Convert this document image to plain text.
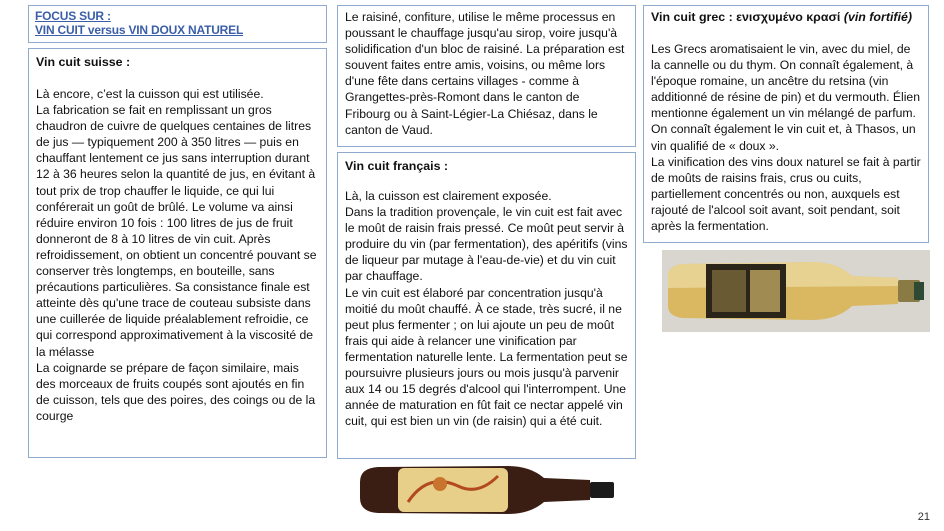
FOCUS SUR :
VIN CUIT versus VIN DOUX NATUREL
Vin cuit suisse :
Là encore, c’est la cuisson qui est utilisée.
La fabrication se fait en remplissant un gros chaudron de cuivre de quelques centaines de litres de jus — typiquement 200 à 350 litres — puis en chauffant lentement ce jus sans interruption durant 12 à 36 heures selon la quantité de jus, en évitant à tout prix de trop chauffer le liquide, ce qui lui conférerait un goût de brûlé. Le volume va ainsi réduire environ 10 fois : 100 litres de jus de fruit donneront de 8 à 10 litres de vin cuit. Après refroidissement, on obtient un concentré pouvant se conserver très longtemps, en bouteille, sans précautions particulières. Sa consistance finale est atteinte dès qu'une trace de couteau subsiste dans une cuillerée de liquide préalablement refroidie, ce qui correspond approximativement à la viscosité de la mélasse
La coignarde se prépare de façon similaire, mais des morceaux de fruits coupés sont ajoutés en fin de cuisson, tels que des poires, des coings ou de la courge
Le raisiné, confiture, utilise le même processus en poussant le chauffage jusqu'au sirop, voire jusqu'à solidification d'un bloc de raisiné. La préparation est souvent faites entre amis, voisins, ou même lors d'une fête dans certains villages - comme à Grangettes-près-Romont dans le canton de Fribourg ou à Saint-Légier-La Chiésaz, dans le canton de Vaud.
Vin cuit français :
Là, la cuisson est clairement exposée.
Dans la tradition provençale, le vin cuit est fait avec le moût de raisin frais pressé. Ce moût peut servir à produire du vin (par fermentation), des apéritifs (vins de liqueur par mutage à l'eau-de-vie) et du vin cuit par chauffage.
Le vin cuit est élaboré par concentration jusqu'à moitié du moût chauffé. À ce stade, très sucré, il ne peut plus fermenter ; on lui ajoute un peu de moût frais qui aide à relancer une vinification par fermentation naturelle lente. La fermentation peut se poursuivre plusieurs jours ou mois jusqu'à parvenir aux 14 ou 15 degrés d'alcool qui l'interrompent. Une année de maturation en fût fait ce nectar appelé vin cuit, qui est bien un vin (de raisin) qui a été cuit.
Vin cuit grec : ενισχυμένο κρασί (vin fortifié)
Les Grecs aromatisaient le vin, avec du miel, de la cannelle ou du thym. On connaît également, à l'époque romaine, un ancêtre du retsina (vin additionné de résine de pin) et du vermouth. Élien mentionne également un vin mélangé de parfum. On connaît également le vin cuit et, à Thasos, un vin qualifié de « doux ».
La vinification des vins doux naturel se fait à partir de moûts de raisins frais, crus ou cuits, partiellement concentrés ou non, auxquels est rajouté de l'alcool soit avant, soit pendant, soit après la fermentation.
21
